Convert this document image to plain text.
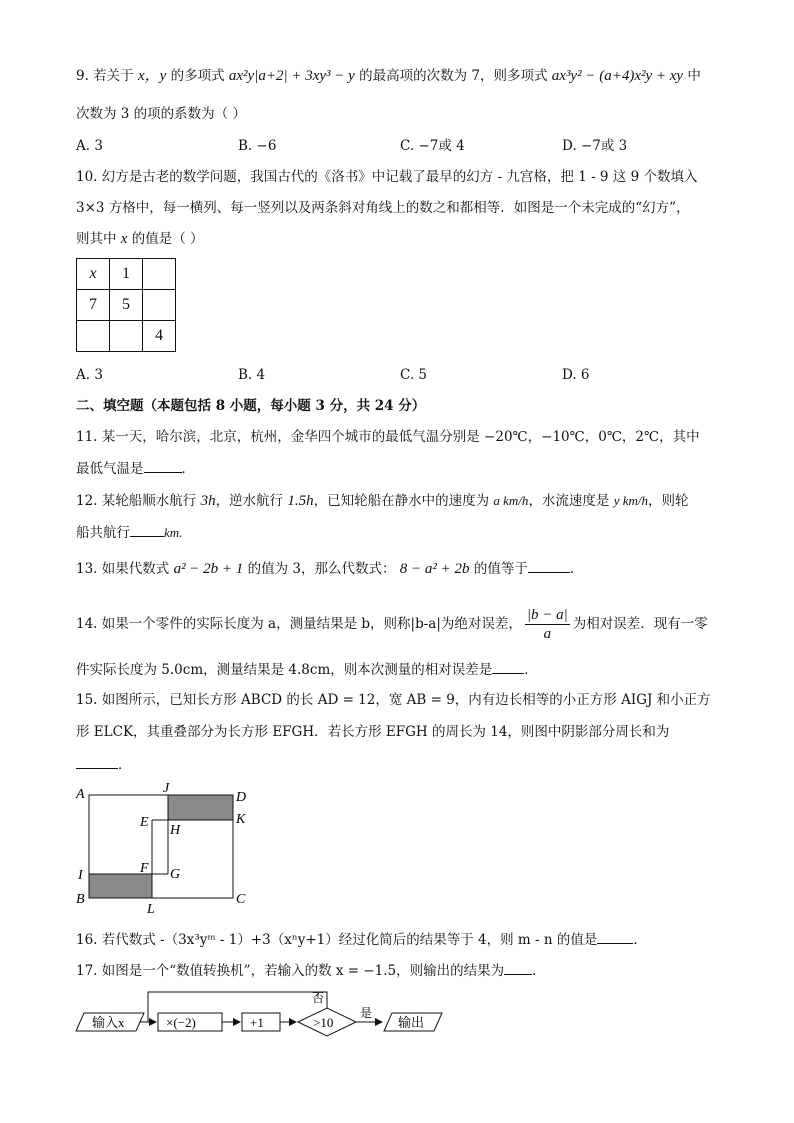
9. 若关于 x，y 的多项式 ax²y|a+2| + 3xy³ − y 的最高项的次数为 7，则多项式 ax³y² − (a+4)x²y + xy 中
次数为 3 的项的系数为（ ）
A. 3	B. −6	C. −7或 4	D. −7或 3
10. 幻方是古老的数学问题，我国古代的《洛书》中记载了最早的幻方 - 九宫格，把 1 - 9 这 9 个数填入
3×3 方格中，每一横列、每一竖列以及两条斜对角线上的数之和都相等．如图是一个未完成的“幻方”，
则其中 x 的值是（ ）
x	1	
7	5	
		4
A. 3	B. 4	C. 5	D. 6
二、填空题（本题包括 8 小题，每小题 3 分，共 24 分）
11. 某一天，哈尔滨，北京，杭州，金华四个城市的最低气温分别是 −20℃，−10℃，0℃，2℃，其中
最低气温是	．
12. 某轮船顺水航行 3h，逆水航行 1.5h，已知轮船在静水中的速度为 a km/h，水流速度是 y km/h，则轮
船共航行	km.
13. 如果代数式 a² − 2b + 1 的值为 3，那么代数式： 8 − a² + 2b 的值等于	．
14. 如果一个零件的实际长度为 a，测量结果是 b，则称|b-a|为绝对误差， $\frac{|b - a|}{a}$ 为相对误差．现有一零
件实际长度为 5.0cm，测量结果是 4.8cm，则本次测量的相对误差是 ．
15. 如图所示，已知长方形 ABCD 的长 AD = 12，宽 AB = 9，内有边长相等的小正方形 AIGJ 和小正方
形 ELCK，其重叠部分为长方形 EFGH．若长方形 EFGH 的周长为 14，则图中阴影部分周长和为
．
A	J
D
E
H
K
I	F G
B
L
C
16. 若代数式 -（3x³yᵐ - 1）+3（xⁿy+1）经过化简后的结果等于 4，则 m - n 的值是	．
17. 如图是一个“数值转换机”，若输入的数 x = −1.5，则输出的结果为 ．
输入x	×(−2)	+1	>10
否
是
输出
